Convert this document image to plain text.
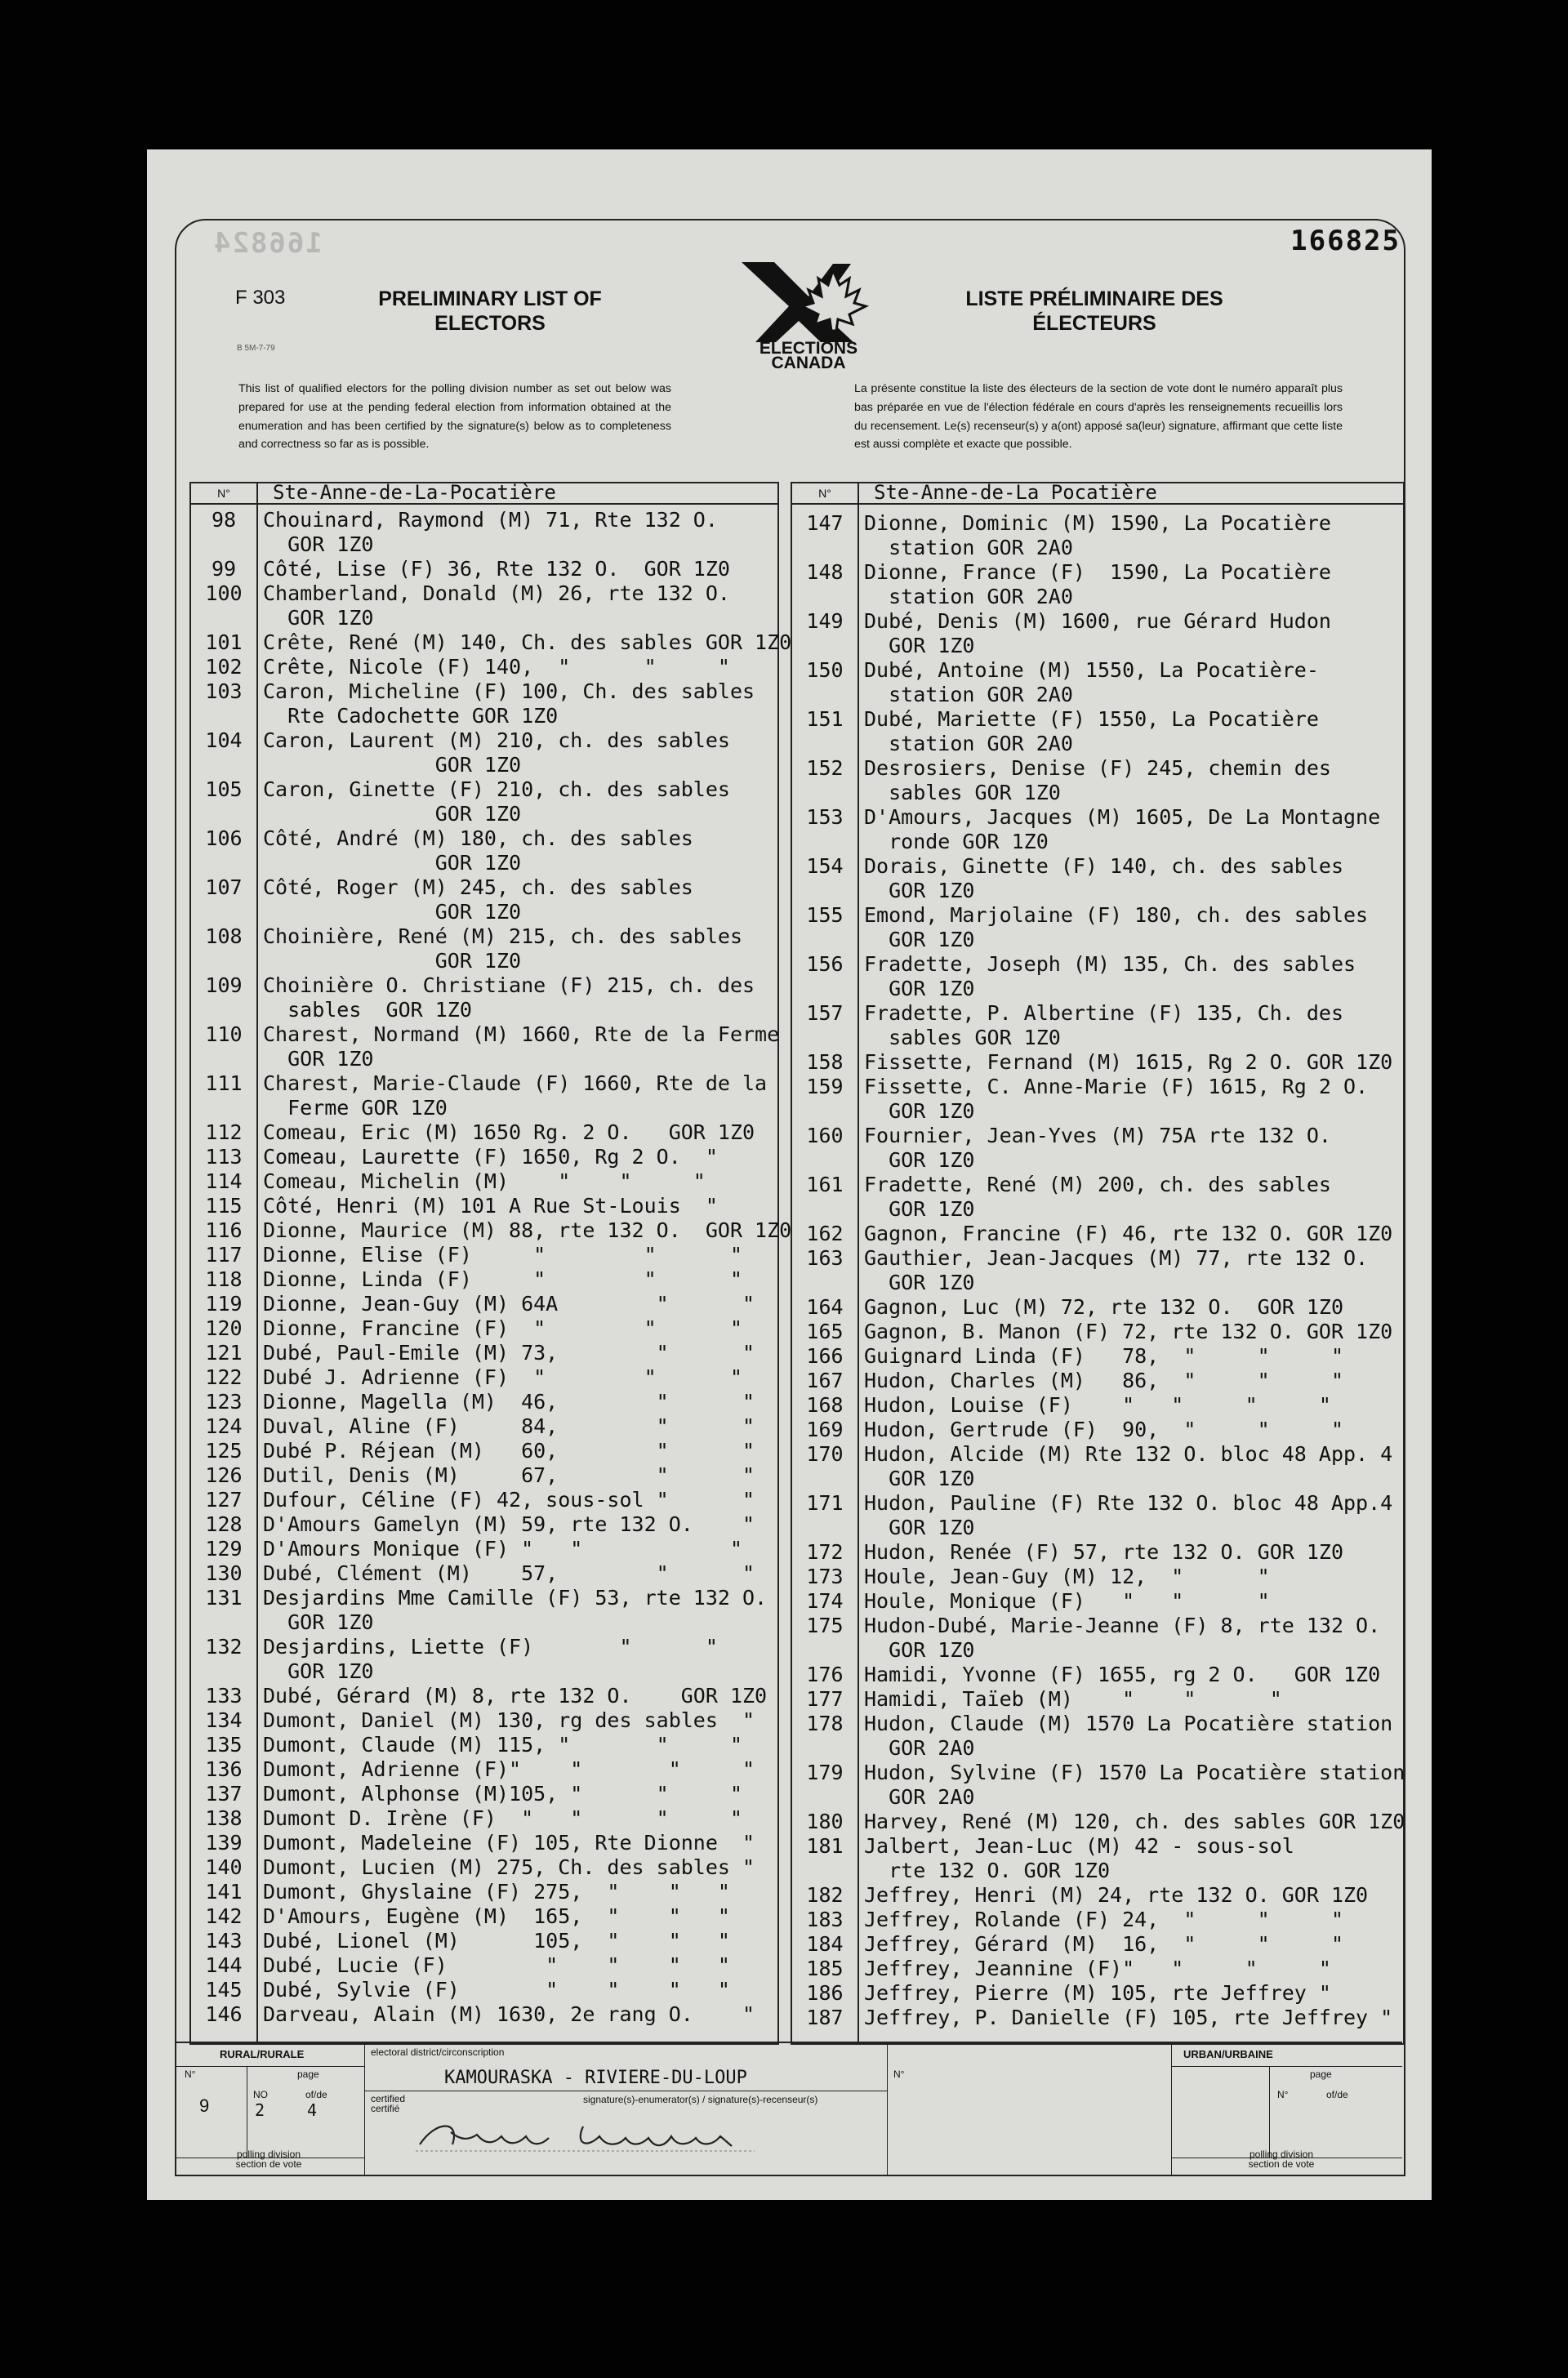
166824	166825
F 303
B 5M-7-79
PRELIMINARY LIST OF ELECTORS
LISTE PRÉLIMINAIRE DES ÉLECTEURS
ELECTIONS
CANADA
This list of qualified electors for the polling division number as set out below was prepared for use at the pending federal election from information obtained at the enumeration and has been certified by the signature(s) below as to completeness and correctness so far as is possible.
La présente constitue la liste des électeurs de la section de vote dont le numéro apparaît plus bas préparée en vue de l'élection fédérale en cours d'après les renseignements recueillis lors du recensement. Le(s) recenseur(s) y a(ont) apposé sa(leur) signature, affirmant que cette liste est aussi complète et exacte que possible.
N°	Ste-Anne-de-La-Pocatière
98 Chouinard, Raymond (M) 71, Rte 132 O.
GOR 1Z0
99 Côté, Lise (F) 36, Rte 132 O.  GOR 1Z0
100 Chamberland, Donald (M) 26, rte 132 O.
GOR 1Z0
101 Crête, René (M) 140, Ch. des sables GOR 1Z0
102 Crête, Nicole (F) 140,  "      "     "
103 Caron, Micheline (F) 100, Ch. des sables
Rte Cadochette GOR 1Z0
104 Caron, Laurent (M) 210, ch. des sables
GOR 1Z0
105 Caron, Ginette (F) 210, ch. des sables
GOR 1Z0
106 Côté, André (M) 180, ch. des sables
GOR 1Z0
107 Côté, Roger (M) 245, ch. des sables
GOR 1Z0
108 Choinière, René (M) 215, ch. des sables
GOR 1Z0
109 Choinière O. Christiane (F) 215, ch. des
sables  GOR 1Z0
110 Charest, Normand (M) 1660, Rte de la Ferme
GOR 1Z0
111 Charest, Marie-Claude (F) 1660, Rte de la
Ferme GOR 1Z0
112 Comeau, Eric (M) 1650 Rg. 2 O.   GOR 1Z0
113 Comeau, Laurette (F) 1650, Rg 2 O.  "
114 Comeau, Michelin (M)    "    "     "
115 Côté, Henri (M) 101 A Rue St-Louis  "
116 Dionne, Maurice (M) 88, rte 132 O.  GOR 1Z0
117 Dionne, Elise (F)     "        "      "
118 Dionne, Linda (F)     "        "      "
119 Dionne, Jean-Guy (M) 64A        "      "
120 Dionne, Francine (F)  "        "      "
121 Dubé, Paul-Emile (M) 73,        "      "
122 Dubé J. Adrienne (F)  "        "      "
123 Dionne, Magella (M)  46,        "      "
124 Duval, Aline (F)     84,        "      "
125 Dubé P. Réjean (M)   60,        "      "
126 Dutil, Denis (M)     67,        "      "
127 Dufour, Céline (F) 42, sous-sol "      "
128 D'Amours Gamelyn (M) 59, rte 132 O.    "
129 D'Amours Monique (F) "   "            "
130 Dubé, Clément (M)    57,        "      "
131 Desjardins Mme Camille (F) 53, rte 132 O.
GOR 1Z0
132 Desjardins, Liette (F)       "      "
GOR 1Z0
133 Dubé, Gérard (M) 8, rte 132 O.    GOR 1Z0
134 Dumont, Daniel (M) 130, rg des sables  "
135 Dumont, Claude (M) 115, "       "     "
136 Dumont, Adrienne (F)"    "       "     "
137 Dumont, Alphonse (M)105, "      "     "
138 Dumont D. Irène (F)  "   "      "     "
139 Dumont, Madeleine (F) 105, Rte Dionne  "
140 Dumont, Lucien (M) 275, Ch. des sables "
141 Dumont, Ghyslaine (F) 275,  "    "   "
142 D'Amours, Eugène (M)  165,  "    "   "
143 Dubé, Lionel (M)      105,  "    "   "
144 Dubé, Lucie (F)        "    "    "   "
145 Dubé, Sylvie (F)       "    "    "   "
146 Darveau, Alain (M) 1630, 2e rang O.    "
N°	Ste-Anne-de-La Pocatière
147 Dionne, Dominic (M) 1590, La Pocatière
station GOR 2A0
148 Dionne, France (F)  1590, La Pocatière
station GOR 2A0
149 Dubé, Denis (M) 1600, rue Gérard Hudon
GOR 1Z0
150 Dubé, Antoine (M) 1550, La Pocatière-
station GOR 2A0
151 Dubé, Mariette (F) 1550, La Pocatière
station GOR 2A0
152 Desrosiers, Denise (F) 245, chemin des
sables GOR 1Z0
153 D'Amours, Jacques (M) 1605, De La Montagne
ronde GOR 1Z0
154 Dorais, Ginette (F) 140, ch. des sables
GOR 1Z0
155 Emond, Marjolaine (F) 180, ch. des sables
GOR 1Z0
156 Fradette, Joseph (M) 135, Ch. des sables
GOR 1Z0
157 Fradette, P. Albertine (F) 135, Ch. des
sables GOR 1Z0
158 Fissette, Fernand (M) 1615, Rg 2 O. GOR 1Z0
159 Fissette, C. Anne-Marie (F) 1615, Rg 2 O.
GOR 1Z0
160 Fournier, Jean-Yves (M) 75A rte 132 O.
GOR 1Z0
161 Fradette, René (M) 200, ch. des sables
GOR 1Z0
162 Gagnon, Francine (F) 46, rte 132 O. GOR 1Z0
163 Gauthier, Jean-Jacques (M) 77, rte 132 O.
GOR 1Z0
164 Gagnon, Luc (M) 72, rte 132 O.  GOR 1Z0
165 Gagnon, B. Manon (F) 72, rte 132 O. GOR 1Z0
166 Guignard Linda (F)   78,  "     "     "
167 Hudon, Charles (M)   86,  "     "     "
168 Hudon, Louise (F)    "   "     "     "
169 Hudon, Gertrude (F)  90,  "     "     "
170 Hudon, Alcide (M) Rte 132 O. bloc 48 App. 4
GOR 1Z0
171 Hudon, Pauline (F) Rte 132 O. bloc 48 App.4
GOR 1Z0
172 Hudon, Renée (F) 57, rte 132 O. GOR 1Z0
173 Houle, Jean-Guy (M) 12,  "      "
174 Houle, Monique (F)   "   "      "
175 Hudon-Dubé, Marie-Jeanne (F) 8, rte 132 O.
GOR 1Z0
176 Hamidi, Yvonne (F) 1655, rg 2 O.   GOR 1Z0
177 Hamidi, Taïeb (M)    "    "      "
178 Hudon, Claude (M) 1570 La Pocatière station
GOR 2A0
179 Hudon, Sylvine (F) 1570 La Pocatière station
GOR 2A0
180 Harvey, René (M) 120, ch. des sables GOR 1Z0
181 Jalbert, Jean-Luc (M) 42 - sous-sol
rte 132 O. GOR 1Z0
182 Jeffrey, Henri (M) 24, rte 132 O. GOR 1Z0
183 Jeffrey, Rolande (F) 24,  "     "     "
184 Jeffrey, Gérard (M)  16,  "     "     "
185 Jeffrey, Jeannine (F)"   "     "     "
186 Jeffrey, Pierre (M) 105, rte Jeffrey "
187 Jeffrey, P. Danielle (F) 105, rte Jeffrey "
RURAL/RURALE
N°	page
9
NO	of/de
2	4
polling division section de vote
electoral district/circonscription
KAMOURASKA - RIVIERE-DU-LOUP
certified certifié
signature(s)-enumerator(s) / signature(s)-recenseur(s)
URBAN/URBAINE
N°	page
N°	of/de
polling division section de vote
